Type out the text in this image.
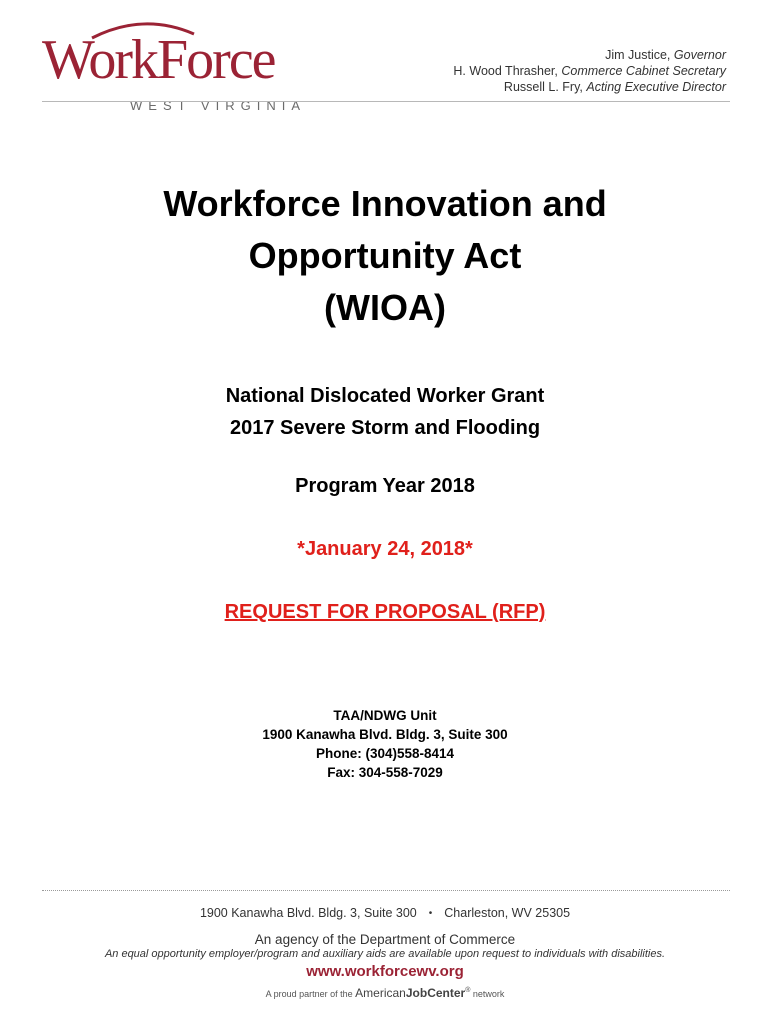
WorkForce
WEST VIRGINIA
Jim Justice, Governor
H. Wood Thrasher, Commerce Cabinet Secretary
Russell L. Fry, Acting Executive Director
Workforce Innovation and
Opportunity Act
(WIOA)
National Dislocated Worker Grant
2017 Severe Storm and Flooding
Program Year 2018
*January 24, 2018*
REQUEST FOR PROPOSAL (RFP)
TAA/NDWG Unit
1900 Kanawha Blvd. Bldg. 3, Suite 300
Phone: (304)558-8414
Fax: 304-558-7029
1900 Kanawha Blvd. Bldg. 3, Suite 300 • Charleston, WV 25305
An agency of the Department of Commerce
An equal opportunity employer/program and auxiliary aids are available upon request to individuals with disabilities.
www.workforcewv.org
A proud partner of the AmericanJobCenter® network
